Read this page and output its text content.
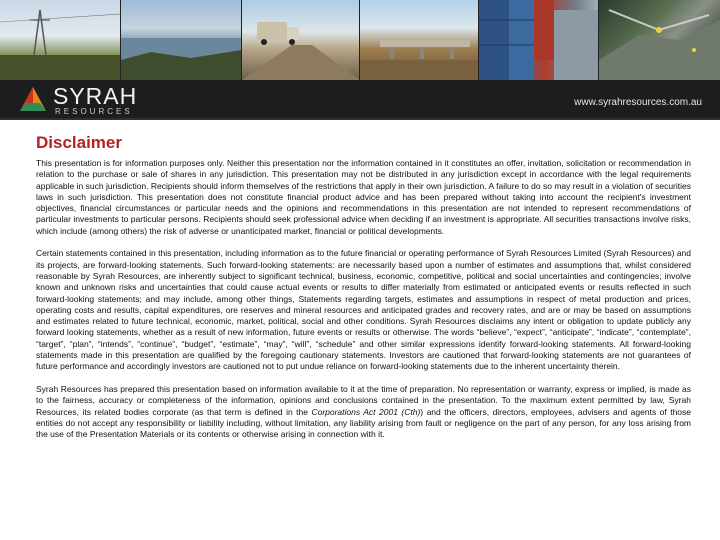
SYRAH
RESOURCES
www.syrahresources.com.au
Disclaimer

This presentation is for information purposes only. Neither this presentation nor the information contained in it constitutes an offer, invitation, solicitation or recommendation in relation to the purchase or sale of shares in any jurisdiction. This presentation may not be distributed in any jurisdiction except in accordance with the legal requirements applicable in such jurisdiction. Recipients should inform themselves of the restrictions that apply in their own jurisdiction. A failure to do so may result in a violation of securities laws in such jurisdiction. This presentation does not constitute financial product advice and has been prepared without taking into account the recipient's investment objectives, financial circumstances or particular needs and the opinions and recommendations in this presentation are not intended to represent recommendations of particular investments to particular persons. Recipients should seek professional advice when deciding if an investment is appropriate. All securities transactions involve risks, which include (among others) the risk of adverse or unanticipated market, financial or political developments.

Certain statements contained in this presentation, including information as to the future financial or operating performance of Syrah Resources Limited (Syrah Resources) and its projects, are forward-looking statements. Such forward-looking statements: are necessarily based upon a number of estimates and assumptions that, whilst considered reasonable by Syrah Resources, are inherently subject to significant technical, business, economic, competitive, political and social uncertainties and contingencies; involve known and unknown risks and uncertainties that could cause actual events or results to differ materially from estimated or anticipated events or results reflected in such forward-looking statements; and may include, among other things, Statements regarding targets, estimates and assumptions in respect of metal production and prices, operating costs and results, capital expenditures, ore reserves and mineral resources and anticipated grades and recovery rates, and are or may be based on assumptions and estimates related to future technical, economic, market, political, social and other conditions. Syrah Resources disclaims any intent or obligation to update publicly any forward looking statements, whether as a result of new information, future events or results or otherwise. The words “believe”, “expect”, “anticipate”, “indicate”, “contemplate”, “target”, “plan”, “intends”, “continue”, “budget”, “estimate”, “may”, “will”, “schedule” and other similar expressions identify forward-looking statements. All forward-looking statements made in this presentation are qualified by the foregoing cautionary statements. Investors are cautioned that forward-looking statements are not guarantees of future performance and accordingly investors are cautioned not to put undue reliance on forward-looking statements due to the inherent uncertainty therein.

Syrah Resources has prepared this presentation based on information available to it at the time of preparation. No representation or warranty, express or implied, is made as to the fairness, accuracy or completeness of the information, opinions and conclusions contained in the presentation. To the maximum extent permitted by law, Syrah Resources, its related bodies corporate (as that term is defined in the Corporations Act 2001 (Cth)) and the officers, directors, employees, advisers and agents of those entities do not accept any responsibility or liability including, without limitation, any liability arising from fault or negligence on the part of any person, for any loss arising from the use of the Presentation Materials or its contents or otherwise arising in connection with it.
